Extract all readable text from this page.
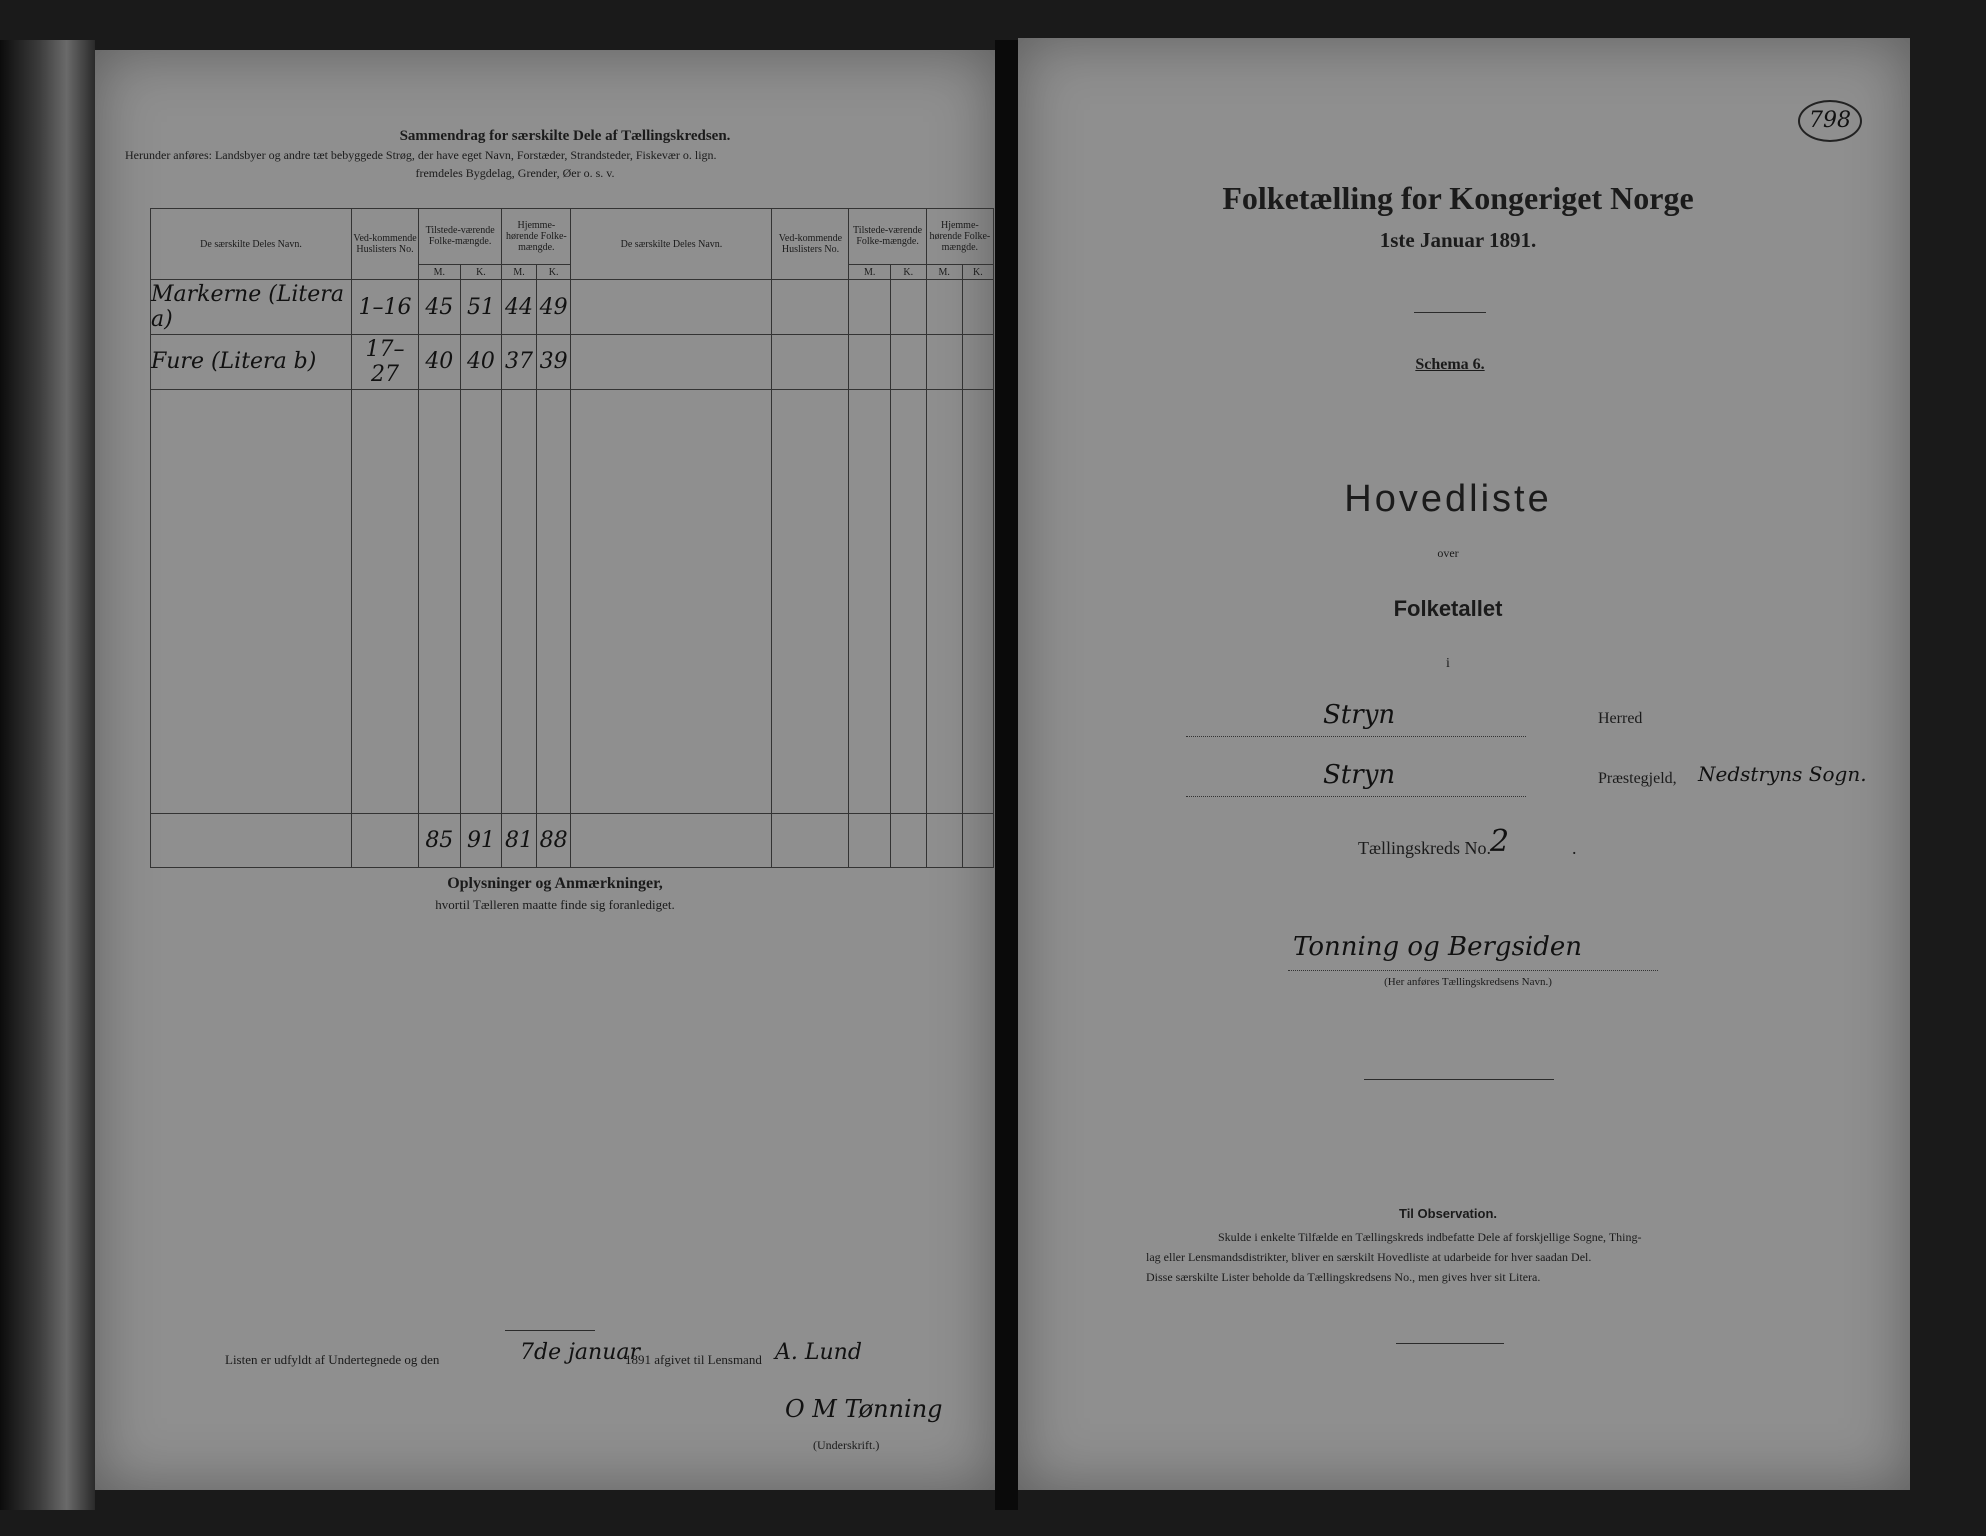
Sammendrag for særskilte Dele af Tællingskredsen.
Herunder anføres: Landsbyer og andre tæt bebyggede Strøg, der have eget Navn, Forstæder, Strandsteder, Fiskevær o. lign.
fremdeles Bygdelag, Grender, Øer o. s. v.
De særskilte Deles Navn.	Ved-kommende Huslisters No.	Tilstede-værende Folke-mængde.		Hjemme-hørende Folke-mængde.		De særskilte Deles Navn.	Ved-kommende Huslisters No.	Tilstede-værende Folke-mængde.		Hjemme-hørende Folke-mængde.	
		M.	K.	M.	K.			M.	K.	M.	K.
Markerne (Litera a)	1–16	45	51	44	49						
Fure (Litera b)	17–27	40	40	37	39						

		85	91	81	88						
Oplysninger og Anmærkninger,
hvortil Tælleren maatte finde sig foranlediget.
Listen er udfyldt af Undertegnede og den	7de januar
1891 afgivet til Lensmand A. Lund
O M Tønning
(Underskrift.)
798
Folketælling for Kongeriget Norge
1ste Januar 1891.
Schema 6.
Hovedliste
over
Folketallet
i
Stryn	Herred
Stryn	Præstegjeld, Nedstryns Sogn.
Tællingskreds No. 2	.
Tonning og Bergsiden
(Her anføres Tællingskredsens Navn.)
Til Observation.
Skulde i enkelte Tilfælde en Tællingskreds indbefatte Dele af forskjellige Sogne, Thing-
lag eller Lensmandsdistrikter, bliver en særskilt Hovedliste at udarbeide for hver saadan Del.
Disse særskilte Lister beholde da Tællingskredsens No., men gives hver sit Litera.
